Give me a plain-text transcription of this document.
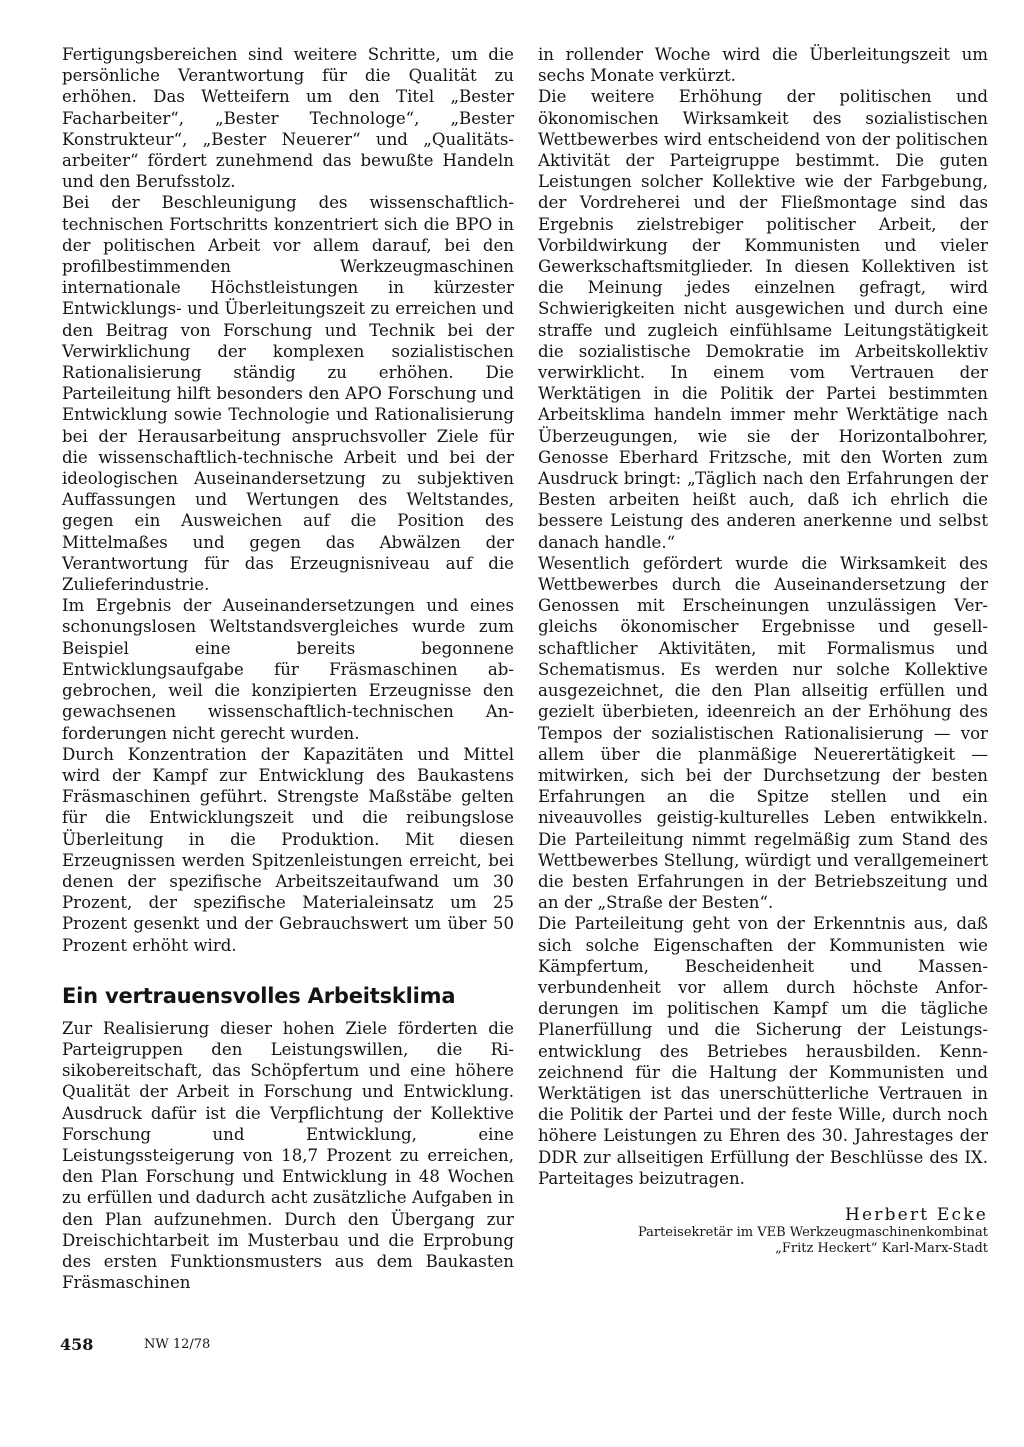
Fertigungsbereichen sind weitere Schritte, um die persönliche Verantwortung für die Qualität zu erhöhen. Das Wetteifern um den Titel „Bester Facharbeiter“, „Bester Technologe“, „Bester Konstrukteur“, „Bester Neuerer“ und „Qualitätsarbeiter“ fördert zunehmend das bewußte Handeln und den Berufsstolz.

Bei der Beschleunigung des wissenschaftlich-technischen Fortschritts konzentriert sich die BPO in der politischen Arbeit vor allem darauf, bei den profilbestimmenden Werkzeugmaschinen internationale Höchstleistungen in kürzester Entwicklungs- und Überleitungszeit zu erreichen und den Beitrag von Forschung und Technik bei der Verwirklichung der komplexen sozialistischen Rationalisierung ständig zu erhöhen. Die Parteileitung hilft besonders den APO Forschung und Entwicklung sowie Technologie und Rationalisierung bei der Herausarbeitung anspruchsvoller Ziele für die wissenschaftlich-technische Arbeit und bei der ideologischen Auseinandersetzung zu subjektiven Auffassungen und Wertungen des Weltstandes, gegen ein Ausweichen auf die Position des Mittelmaßes und gegen das Abwälzen der Verantwortung für das Erzeugnisniveau auf die Zulieferindustrie.

Im Ergebnis der Auseinandersetzungen und eines schonungslosen Weltstandsvergleiches wurde zum Beispiel eine bereits begonnene Entwicklungsaufgabe für Fräsmaschinen abgebrochen, weil die konzipierten Erzeugnisse den gewachsenen wissenschaftlich-technischen Anforderungen nicht gerecht wurden.

Durch Konzentration der Kapazitäten und Mittel wird der Kampf zur Entwicklung des Baukastens Fräsmaschinen geführt. Strengste Maßstäbe gelten für die Entwicklungszeit und die reibungslose Überleitung in die Produktion. Mit diesen Erzeugnissen werden Spitzenleistungen erreicht, bei denen der spezifische Arbeitszeitaufwand um 30 Prozent, der spezifische Materialeinsatz um 25 Prozent gesenkt und der Gebrauchswert um über 50 Prozent erhöht wird.

Ein vertrauensvolles Arbeitsklima

Zur Realisierung dieser hohen Ziele förderten die Parteigruppen den Leistungswillen, die Risikobereitschaft, das Schöpfertum und eine höhere Qualität der Arbeit in Forschung und Entwicklung. Ausdruck dafür ist die Verpflichtung der Kollektive Forschung und Entwicklung, eine Leistungssteigerung von 18,7 Prozent zu erreichen, den Plan Forschung und Entwicklung in 48 Wochen zu erfüllen und dadurch acht zusätzliche Aufgaben in den Plan aufzunehmen. Durch den Übergang zur Dreischichtarbeit im Musterbau und die Erprobung des ersten Funktionsmusters aus dem Baukasten Fräsmaschinen

in rollender Woche wird die Überleitungszeit um sechs Monate verkürzt.

Die weitere Erhöhung der politischen und ökonomischen Wirksamkeit des sozialistischen Wettbewerbes wird entscheidend von der politischen Aktivität der Parteigruppe bestimmt. Die guten Leistungen solcher Kollektive wie der Farbgebung, der Vordreherei und der Fließmontage sind das Ergebnis zielstrebiger politischer Arbeit, der Vorbildwirkung der Kommunisten und vieler Gewerkschaftsmitglieder. In diesen Kollektiven ist die Meinung jedes einzelnen gefragt, wird Schwierigkeiten nicht ausgewichen und durch eine straffe und zugleich einfühlsame Leitungstätigkeit die sozialistische Demokratie im Arbeitskollektiv verwirklicht. In einem vom Vertrauen der Werktätigen in die Politik der Partei bestimmten Arbeitsklima handeln immer mehr Werktätige nach Überzeugungen, wie sie der Horizontalbohrer, Genosse Eberhard Fritzsche, mit den Worten zum Ausdruck bringt: „Täglich nach den Erfahrungen der Besten arbeiten heißt auch, daß ich ehrlich die bessere Leistung des anderen anerkenne und selbst danach handle.“

Wesentlich gefördert wurde die Wirksamkeit des Wettbewerbes durch die Auseinandersetzung der Genossen mit Erscheinungen unzulässigen Vergleichs ökonomischer Ergebnisse und gesellschaftlicher Aktivitäten, mit Formalismus und Schematismus. Es werden nur solche Kollektive ausgezeichnet, die den Plan allseitig erfüllen und gezielt überbieten, ideenreich an der Erhöhung des Tempos der sozialistischen Rationalisierung — vor allem über die planmäßige Neuerertätigkeit — mitwirken, sich bei der Durchsetzung der besten Erfahrungen an die Spitze stellen und ein niveauvolles geistig-kulturelles Leben entwikkeln. Die Parteileitung nimmt regelmäßig zum Stand des Wettbewerbes Stellung, würdigt und verallgemeinert die besten Erfahrungen in der Betriebszeitung und an der „Straße der Besten“.

Die Parteileitung geht von der Erkenntnis aus, daß sich solche Eigenschaften der Kommunisten wie Kämpfertum, Bescheidenheit und Massenverbundenheit vor allem durch höchste Anforderungen im politischen Kampf um die tägliche Planerfüllung und die Sicherung der Leistungsentwicklung des Betriebes herausbilden. Kennzeichnend für die Haltung der Kommunisten und Werktätigen ist das unerschütterliche Vertrauen in die Politik der Partei und der feste Wille, durch noch höhere Leistungen zu Ehren des 30. Jahrestages der DDR zur allseitigen Erfüllung der Beschlüsse des IX. Parteitages beizutragen.

Herbert Ecke
Parteisekretär im VEB Werkzeugmaschinenkombinat
„Fritz Heckert“ Karl-Marx-Stadt
458	NW 12/78
